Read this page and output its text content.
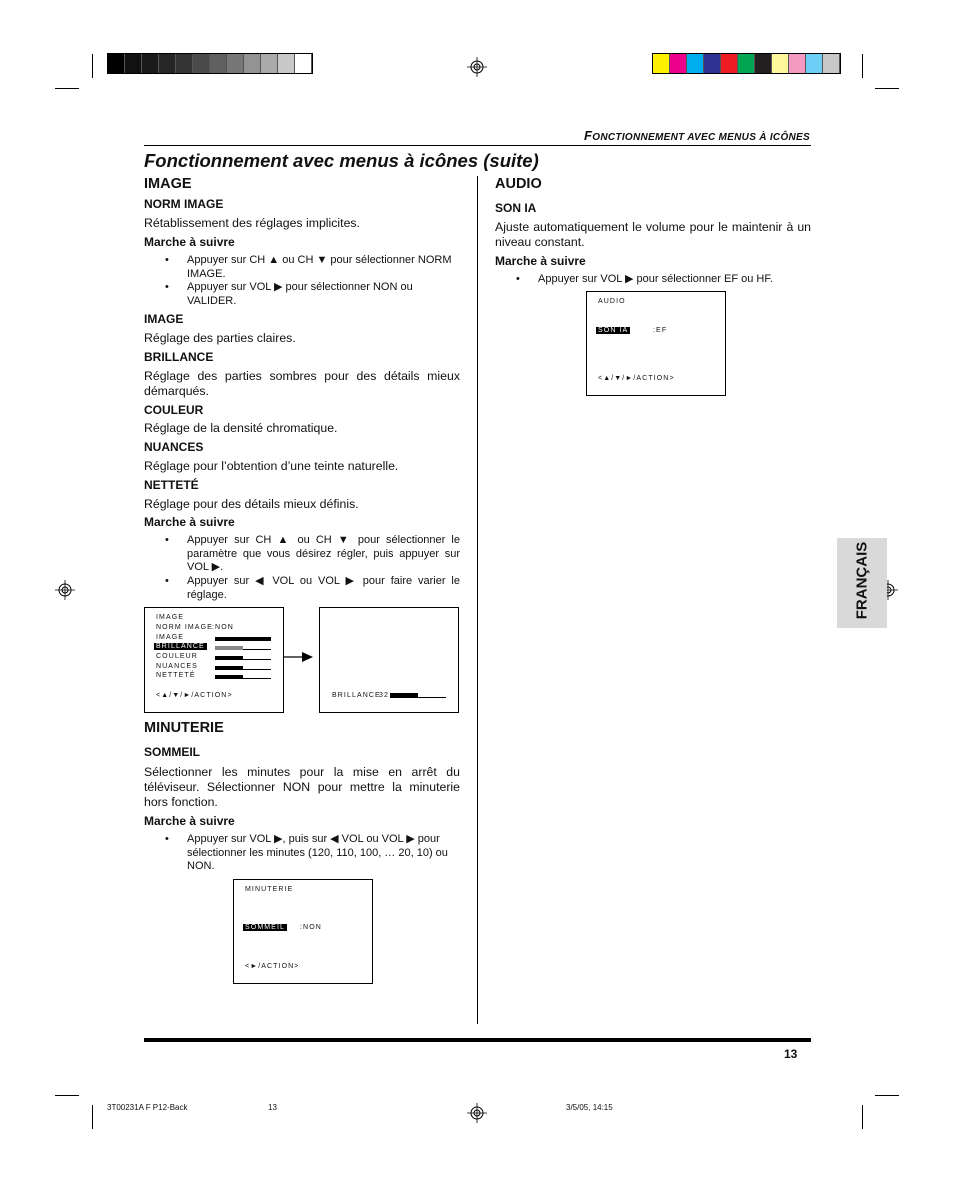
FONCTIONNEMENT AVEC MENUS À ICÔNES
Fonctionnement avec menus à icônes (suite)
IMAGE
NORM IMAGE
Rétablissement des réglages implicites.
Marche à suivre
• Appuyer sur CH ▲ ou CH ▼ pour sélectionner NORM IMAGE.
• Appuyer sur VOL ▶ pour sélectionner NON ou VALIDER.
IMAGE
Réglage des parties claires.
BRILLANCE
Réglage des parties sombres pour des détails mieux démarqués.
COULEUR
Réglage de la densité chromatique.
NUANCES
Réglage pour l’obtention d’une teinte naturelle.
NETTETÉ
Réglage pour des détails mieux définis.
Marche à suivre
• Appuyer sur CH ▲ ou CH ▼ pour sélectionner le paramètre que vous désirez régler, puis appuyer sur VOL ▶.
• Appuyer sur ◀ VOL ou VOL ▶ pour faire varier le réglage.
IMAGE
NORM IMAGE :NON
IMAGE
BRILLANCE
COULEUR
NUANCES
NETTETÉ
<▲/▼/►/ACTION>	BRILLANCE
32
MINUTERIE
SOMMEIL
Sélectionner les minutes pour la mise en arrêt du téléviseur. Sélectionner NON pour mettre la minuterie hors fonction.
Marche à suivre
• Appuyer sur VOL ▶, puis sur ◀ VOL ou VOL ▶ pour sélectionner les minutes (120, 110, 100, … 20, 10) ou NON.
MINUTERIE
SOMMEIL :NON
<►/ACTION>
AUDIO
SON IA
Ajuste automatiquement le volume pour le maintenir à un niveau constant.
Marche à suivre
• Appuyer sur VOL ▶ pour sélectionner EF ou HF.
AUDIO
SON IA	:EF
<▲/▼/►/ACTION>
FRANÇAIS
13
3T00231A F P12-Back	13	3/5/05, 14:15
